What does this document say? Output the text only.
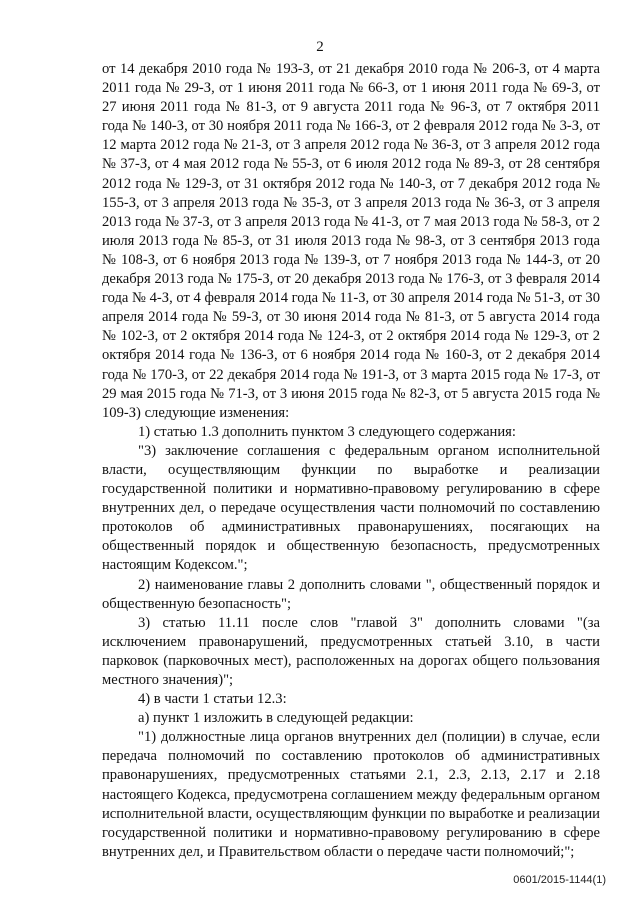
2

от 14 декабря 2010 года № 193-З, от 21 декабря 2010 года № 206-З, от 4 марта 2011 года № 29-З, от 1 июня 2011 года № 66-З, от 1 июня 2011 года № 69-З, от 27 июня 2011 года № 81-З, от 9 августа 2011 года № 96-З, от 7 октября 2011 года № 140-З, от 30 ноября 2011 года № 166-З, от 2 февраля 2012 года № 3-З, от 12 марта 2012 года № 21-З, от 3 апреля 2012 года № 36-З, от 3 апреля 2012 года № 37-З, от 4 мая 2012 года № 55-З, от 6 июля 2012 года № 89-З, от 28 сентября 2012 года № 129-З, от 31 октября 2012 года № 140-З, от 7 декабря 2012 года № 155-З, от 3 апреля 2013 года № 35-З, от 3 апреля 2013 года № 36-З, от 3 апреля 2013 года № 37-З, от 3 апреля 2013 года № 41-З, от 7 мая 2013 года № 58-З, от 2 июля 2013 года № 85-З, от 31 июля 2013 года № 98-З, от 3 сентября 2013 года № 108-З, от 6 ноября 2013 года № 139-З, от 7 ноября 2013 года № 144-З, от 20 декабря 2013 года № 175-З, от 20 декабря 2013 года № 176-З, от 3 февраля 2014 года № 4-З, от 4 февраля 2014 года № 11-З, от 30 апреля 2014 года № 51-З, от 30 апреля 2014 года № 59-З, от 30 июня 2014 года № 81-З, от 5 августа 2014 года № 102-З, от 2 октября 2014 года № 124-З, от 2 октября 2014 года № 129-З, от 2 октября 2014 года № 136-З, от 6 ноября 2014 года № 160-З, от 2 декабря 2014 года № 170-З, от 22 декабря 2014 года № 191-З, от 3 марта 2015 года № 17-З, от 29 мая 2015 года № 71-З, от 3 июня 2015 года № 82-З, от 5 августа 2015 года № 109-З) следующие изменения:

1) статью 1.3 дополнить пунктом 3 следующего содержания:

"3) заключение соглашения с федеральным органом исполнительной власти, осуществляющим функции по выработке и реализации государственной политики и нормативно-правовому регулированию в сфере внутренних дел, о передаче осуществления части полномочий по составлению протоколов об административных правонарушениях, посягающих на общественный порядок и общественную безопасность, предусмотренных настоящим Кодексом.";

2) наименование главы 2 дополнить словами ", общественный порядок и общественную безопасность";

3) статью 11.11 после слов "главой 3" дополнить словами "(за исключением правонарушений, предусмотренных статьей 3.10, в части парковок (парковочных мест), расположенных на дорогах общего пользования местного значения)";

4) в части 1 статьи 12.3:

а) пункт 1 изложить в следующей редакции:

"1) должностные лица органов внутренних дел (полиции) в случае, если передача полномочий по составлению протоколов об административных правонарушениях, предусмотренных статьями 2.1, 2.3, 2.13, 2.17 и 2.18 настоящего Кодекса, предусмотрена соглашением между федеральным органом исполнительной власти, осуществляющим функции по выработке и реализации государственной политики и нормативно-правовому регулированию в сфере внутренних дел, и Правительством области о передаче части полномочий;";

0601/2015-1144(1)
